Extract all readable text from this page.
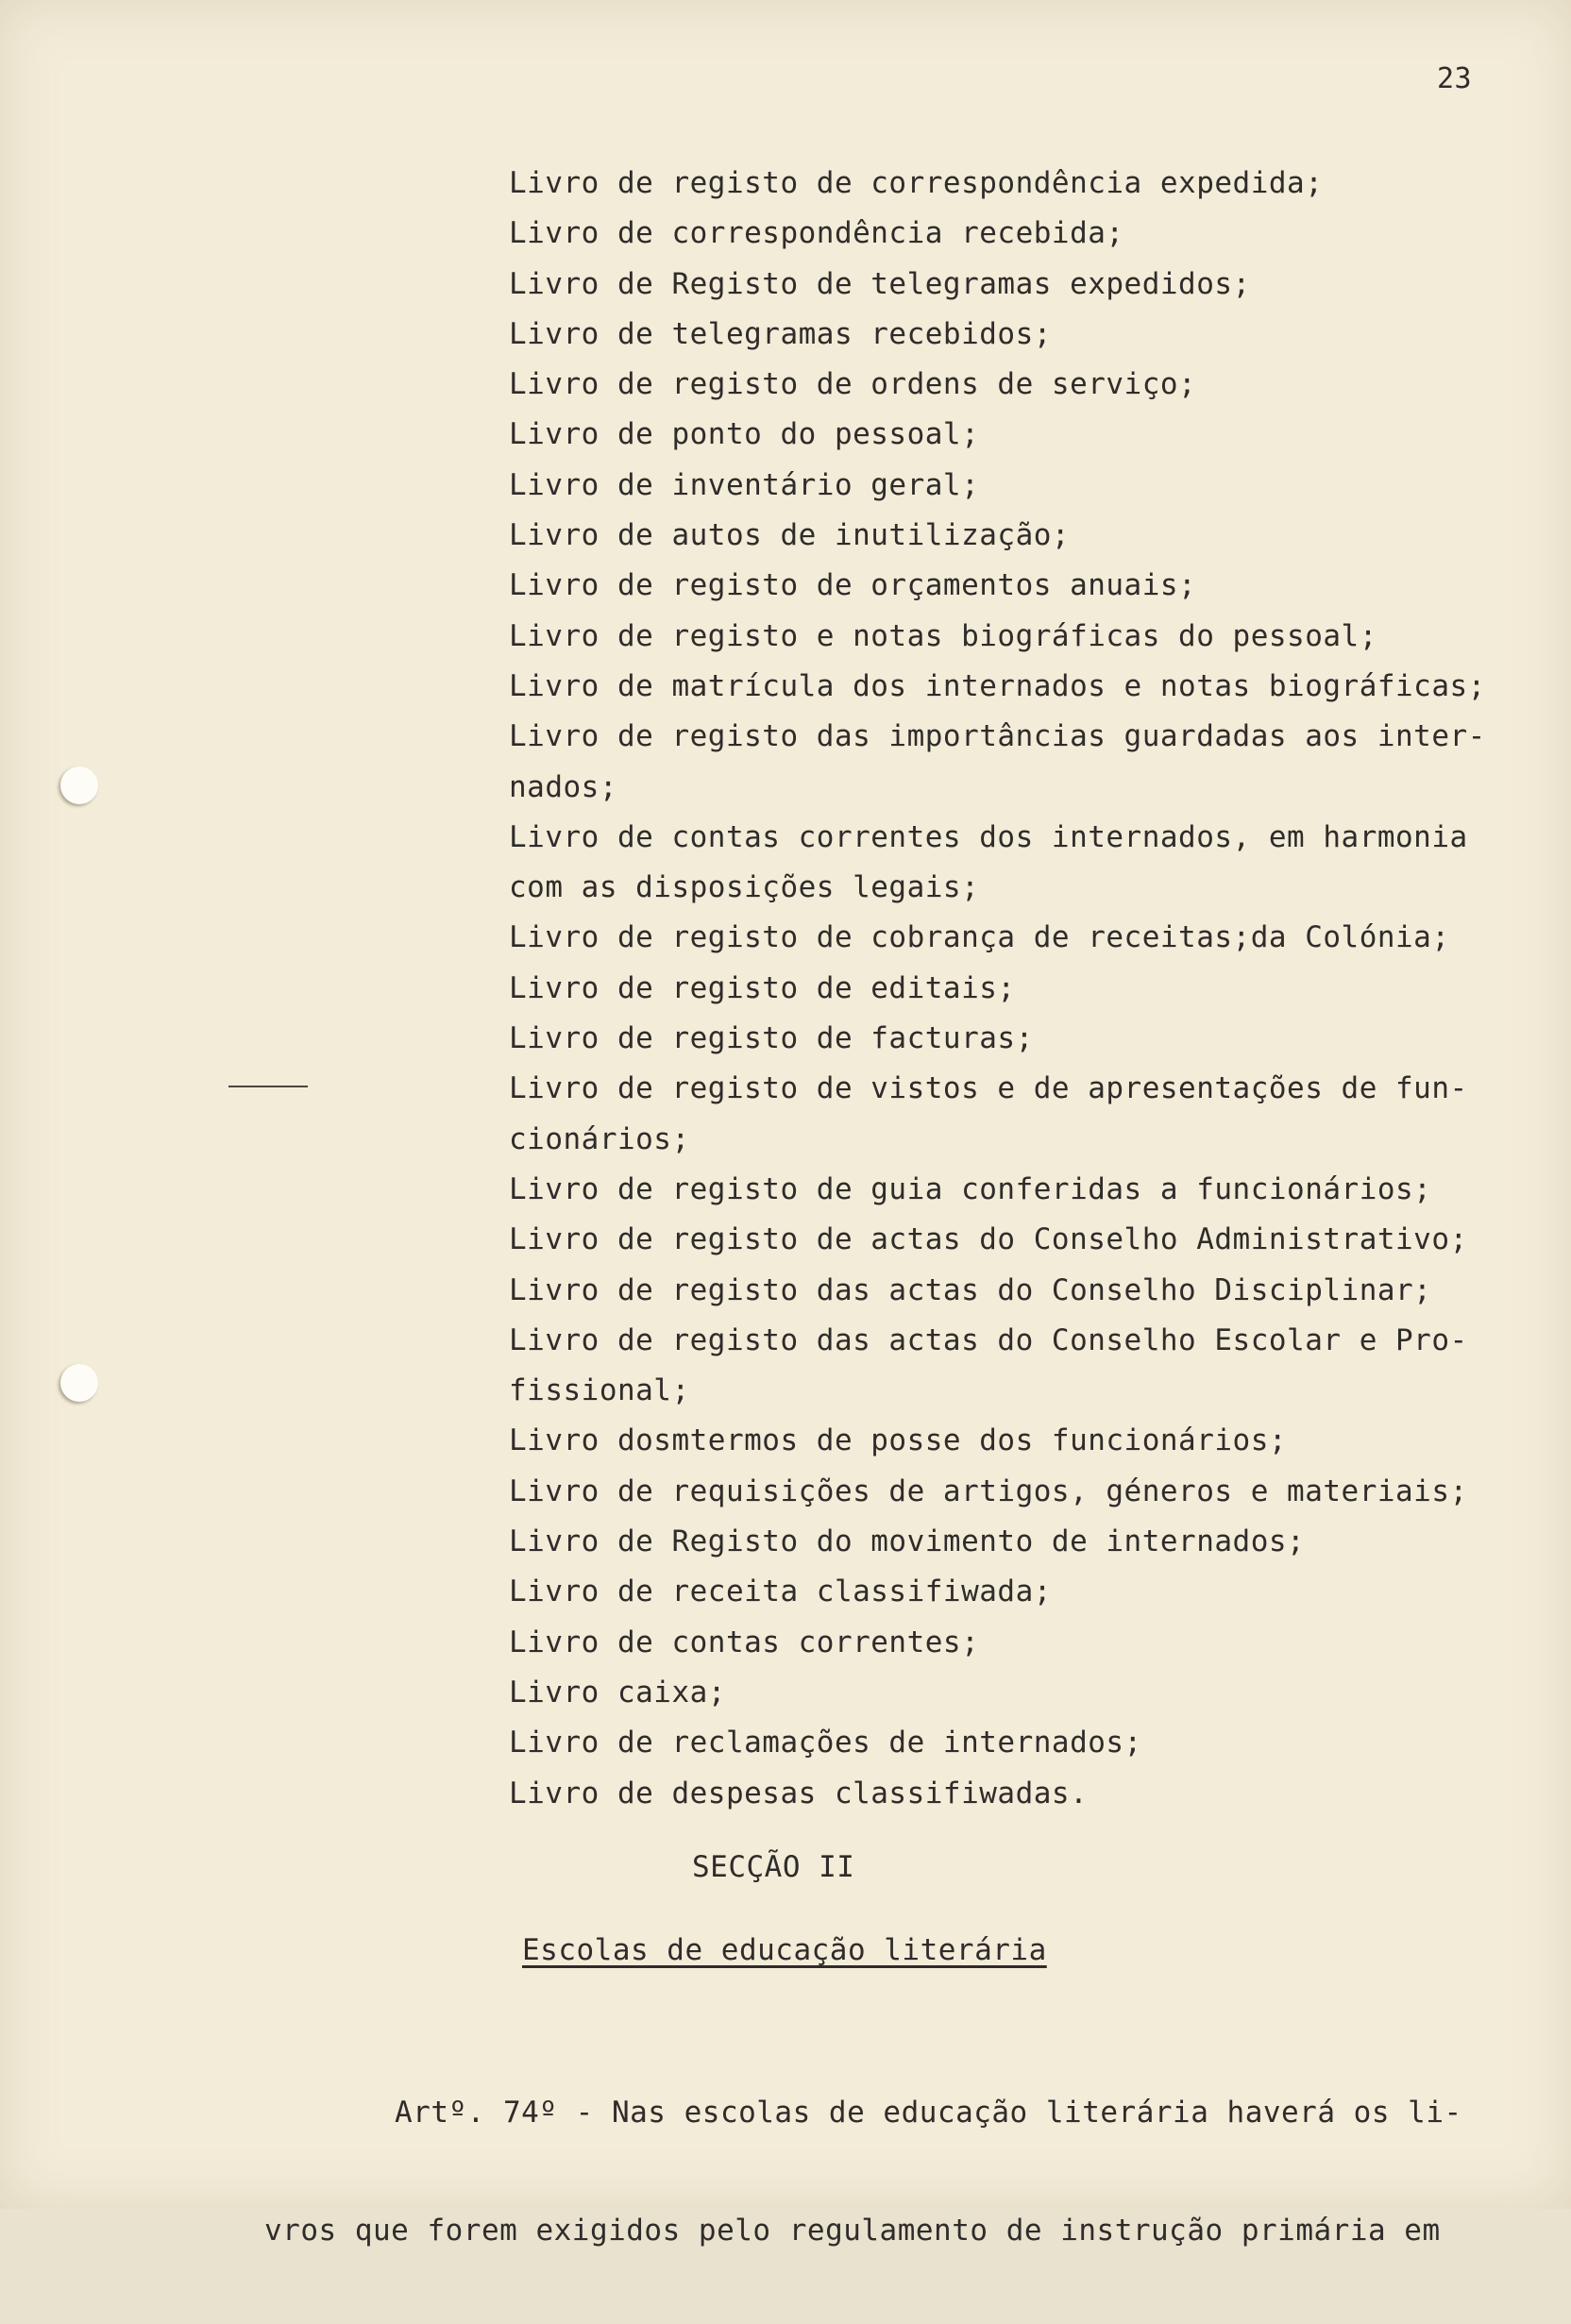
23
Livro de registo de correspondência expedida;
Livro de correspondência recebida;
Livro de Registo de telegramas expedidos;
Livro de telegramas recebidos;
Livro de registo de ordens de serviço;
Livro de ponto do pessoal;
Livro de inventário geral;
Livro de autos de inutilização;
Livro de registo de orçamentos anuais;
Livro de registo e notas biográficas do pessoal;
Livro de matrícula dos internados e notas biográficas;
Livro de registo das importâncias guardadas aos inter-
nados;
Livro de contas correntes dos internados, em harmonia
com as disposições legais;
Livro de registo de cobrança de receitas;da Colónia;
Livro de registo de editais;
Livro de registo de facturas;
Livro de registo de vistos e de apresentações de fun-
cionários;
Livro de registo de guia conferidas a funcionários;
Livro de registo de actas do Conselho Administrativo;
Livro de registo das actas do Conselho Disciplinar;
Livro de registo das actas do Conselho Escolar e Pro-
fissional;
Livro dosmtermos de posse dos funcionários;
Livro de requisições de artigos, géneros e materiais;
Livro de Registo do movimento de internados;
Livro de receita classifiwada;
Livro de contas correntes;
Livro caixa;
Livro de reclamações de internados;
Livro de despesas classifiwadas.
SECÇÃO II
Escolas de educação literária

Artº. 74º - Nas escolas de educação literária haverá os li-

vros que forem exigidos pelo regulamento de instrução primária em
